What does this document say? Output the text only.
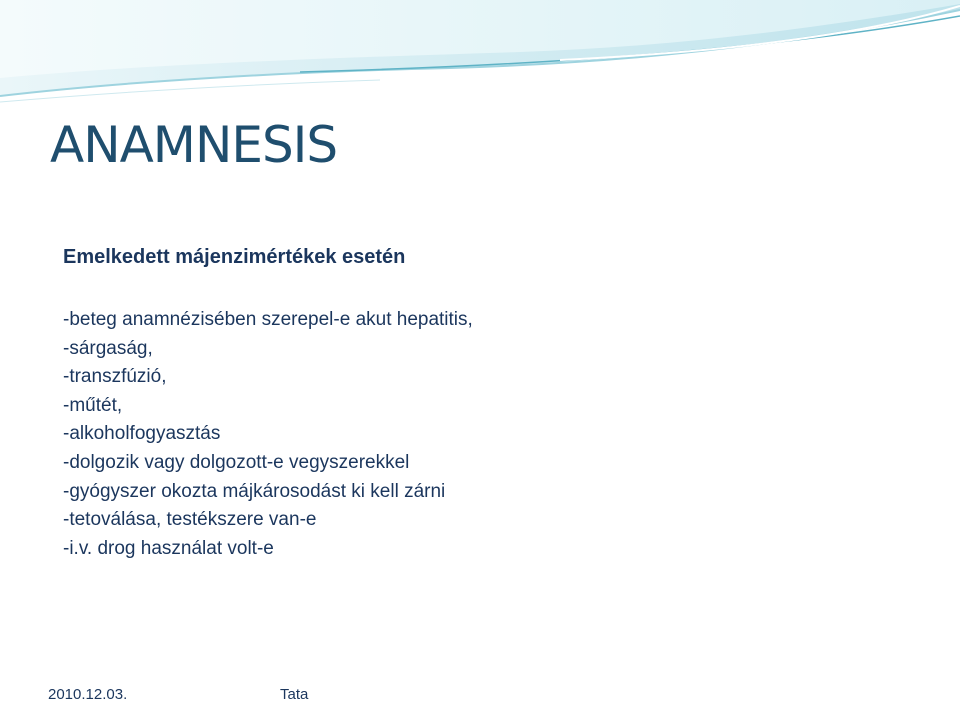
ANAMNESIS
Emelkedett májenzimértékek esetén
-beteg anamnézisében szerepel-e akut hepatitis,
-sárgaság,
-transzfúzió,
-műtét,
-alkoholfogyasztás
-dolgozik vagy dolgozott-e vegyszerekkel
-gyógyszer okozta májkárosodást ki kell zárni
-tetoválása, testékszere van-e
-i.v. drog használat volt-e
2010.12.03.	Tata
